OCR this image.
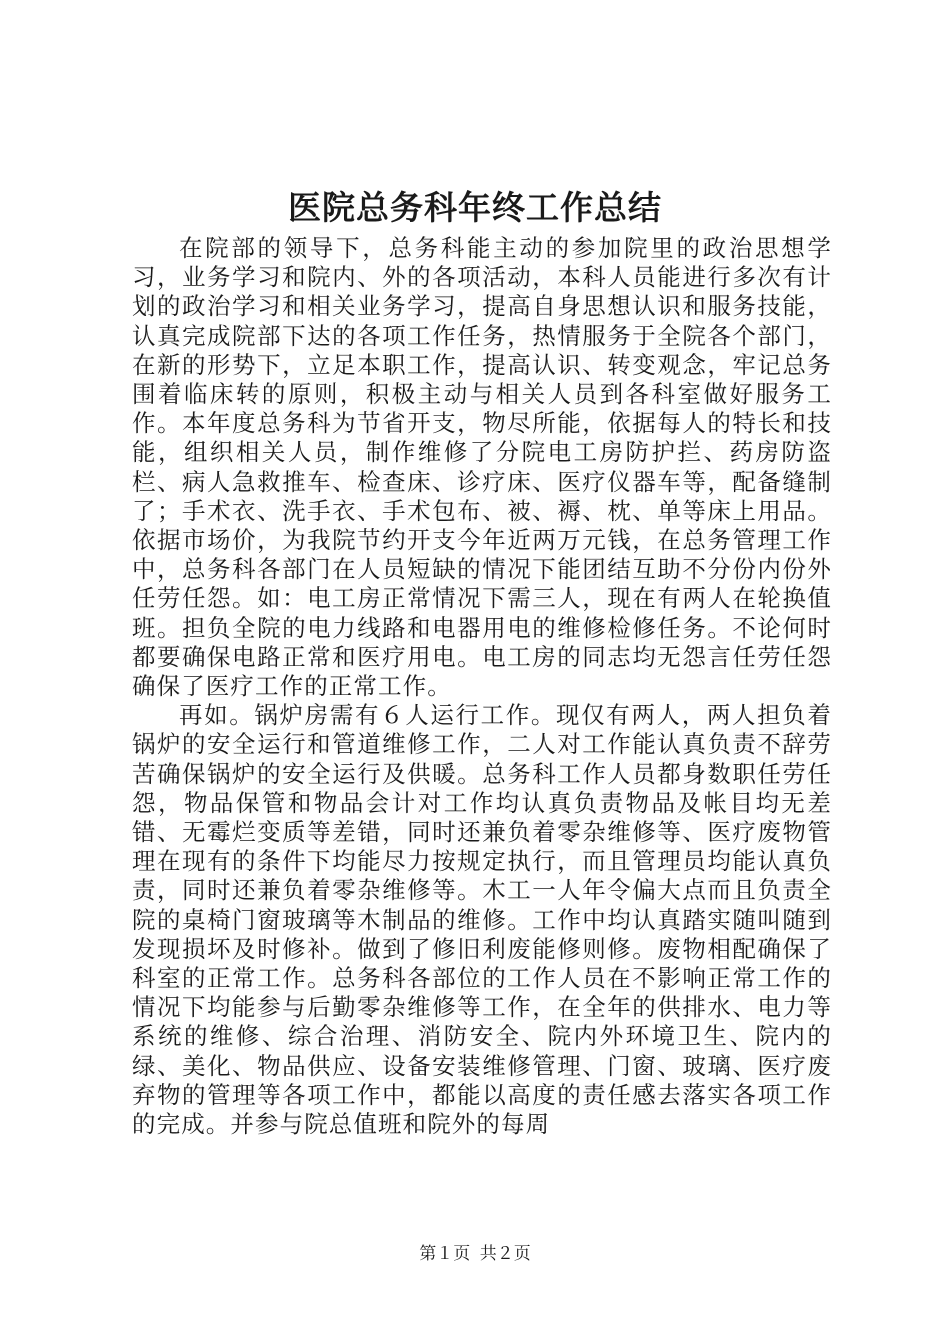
医院总务科年终工作总结

在院部的领导下，总务科能主动的参加院里的政治思想学习，业务学习和院内、外的各项活动，本科人员能进行多次有计划的政治学习和相关业务学习，提高自身思想认识和服务技能，认真完成院部下达的各项工作任务，热情服务于全院各个部门，在新的形势下，立足本职工作，提高认识、转变观念，牢记总务围着临床转的原则，积极主动与相关人员到各科室做好服务工作。本年度总务科为节省开支，物尽所能，依据每人的特长和技能，组织相关人员，制作维修了分院电工房防护拦、药房防盗栏、病人急救推车、检查床、诊疗床、医疗仪器车等，配备缝制了；手术衣、洗手衣、手术包布、被、褥、枕、单等床上用品。依据市场价，为我院节约开支今年近两万元钱，在总务管理工作中，总务科各部门在人员短缺的情况下能团结互助不分份内份外任劳任怨。如：电工房正常情况下需三人，现在有两人在轮换值班。担负全院的电力线路和电器用电的维修检修任务。不论何时都要确保电路正常和医疗用电。电工房的同志均无怨言任劳任怨确保了医疗工作的正常工作。

再如。锅炉房需有６人运行工作。现仅有两人，两人担负着锅炉的安全运行和管道维修工作，二人对工作能认真负责不辞劳苦确保锅炉的安全运行及供暖。总务科工作人员都身数职任劳任怨，物品保管和物品会计对工作均认真负责物品及帐目均无差错、无霉烂变质等差错，同时还兼负着零杂维修等、医疗废物管理在现有的条件下均能尽力按规定执行，而且管理员均能认真负责，同时还兼负着零杂维修等。木工一人年令偏大点而且负责全院的桌椅门窗玻璃等木制品的维修。工作中均认真踏实随叫随到发现损坏及时修补。做到了修旧利废能修则修。废物相配确保了科室的正常工作。总务科各部位的工作人员在不影响正常工作的情况下均能参与后勤零杂维修等工作，在全年的供排水、电力等系统的维修、综合治理、消防安全、院内外环境卫生、院内的绿、美化、物品供应、设备安装维修管理、门窗、玻璃、医疗废弃物的管理等各项工作中，都能以高度的责任感去落实各项工作的完成。并参与院总值班和院外的每周

第１页 共２页
